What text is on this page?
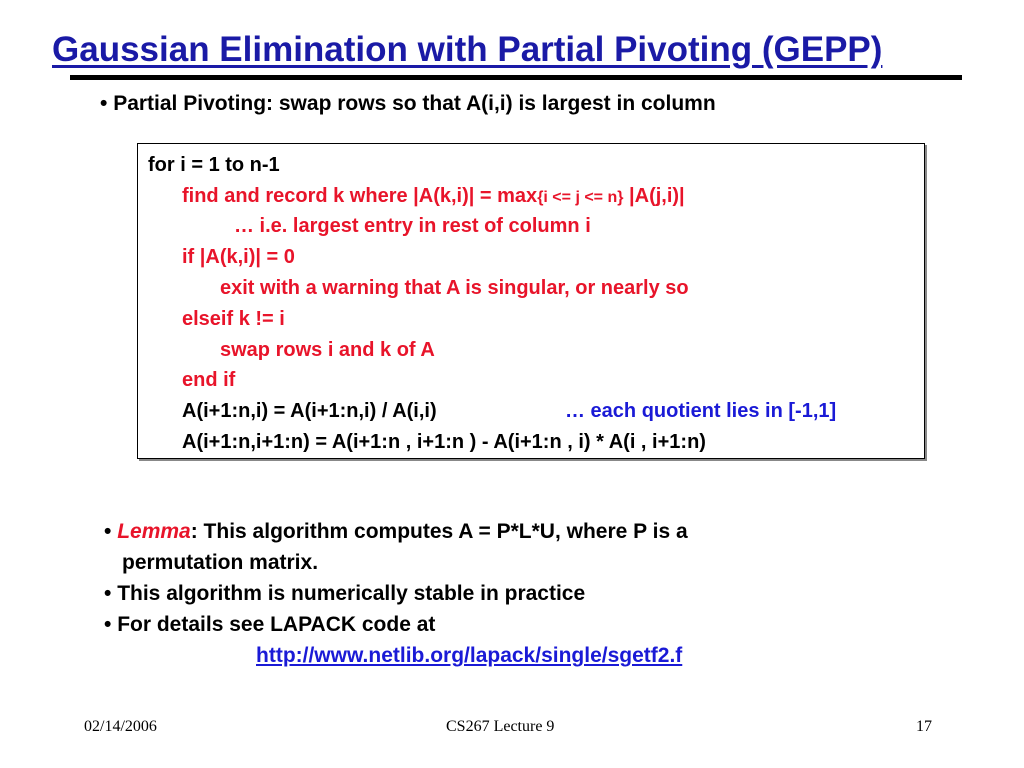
Gaussian Elimination with Partial Pivoting (GEPP)
• Partial Pivoting: swap rows so that A(i,i) is largest in column
for i = 1 to n-1
find and record k where |A(k,i)| = max{i <= j <= n} |A(j,i)|
… i.e. largest entry in rest of column i
if |A(k,i)| = 0
exit with a warning that A is singular, or nearly so
elseif k != i
swap rows i and k of A
end if
A(i+1:n,i) = A(i+1:n,i) / A(i,i)	… each quotient lies in [-1,1]
A(i+1:n,i+1:n) = A(i+1:n , i+1:n ) - A(i+1:n , i) * A(i , i+1:n)
• Lemma: This algorithm computes A = P*L*U, where P is a
permutation matrix.
• This algorithm is numerically stable in practice
• For details see LAPACK code at
http://www.netlib.org/lapack/single/sgetf2.f
02/14/2006	CS267 Lecture 9	17
